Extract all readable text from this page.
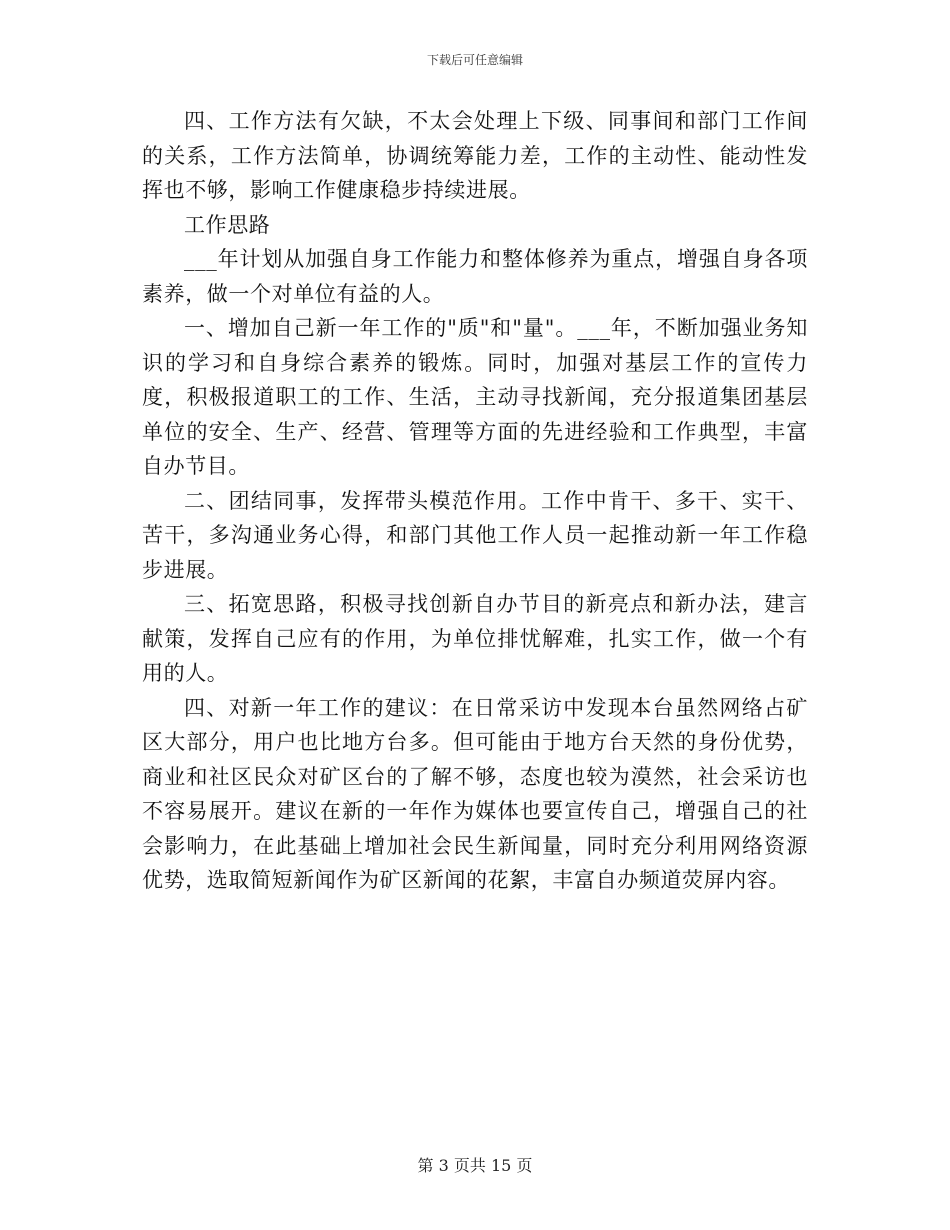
下载后可任意编辑

四、工作方法有欠缺，不太会处理上下级、同事间和部门工作间的关系，工作方法简单，协调统筹能力差，工作的主动性、能动性发挥也不够，影响工作健康稳步持续进展。

工作思路

___年计划从加强自身工作能力和整体修养为重点，增强自身各项素养，做一个对单位有益的人。

一、增加自己新一年工作的"质"和"量"。___年，不断加强业务知识的学习和自身综合素养的锻炼。同时，加强对基层工作的宣传力度，积极报道职工的工作、生活，主动寻找新闻，充分报道集团基层单位的安全、生产、经营、管理等方面的先进经验和工作典型，丰富自办节目。

二、团结同事，发挥带头模范作用。工作中肯干、多干、实干、苦干，多沟通业务心得，和部门其他工作人员一起推动新一年工作稳步进展。

三、拓宽思路，积极寻找创新自办节目的新亮点和新办法，建言献策，发挥自己应有的作用，为单位排忧解难，扎实工作，做一个有用的人。

四、对新一年工作的建议：在日常采访中发现本台虽然网络占矿区大部分，用户也比地方台多。但可能由于地方台天然的身份优势，商业和社区民众对矿区台的了解不够，态度也较为漠然，社会采访也不容易展开。建议在新的一年作为媒体也要宣传自己，增强自己的社会影响力，在此基础上增加社会民生新闻量，同时充分利用网络资源优势，选取简短新闻作为矿区新闻的花絮，丰富自办频道荧屏内容。

第 3 页共 15 页
